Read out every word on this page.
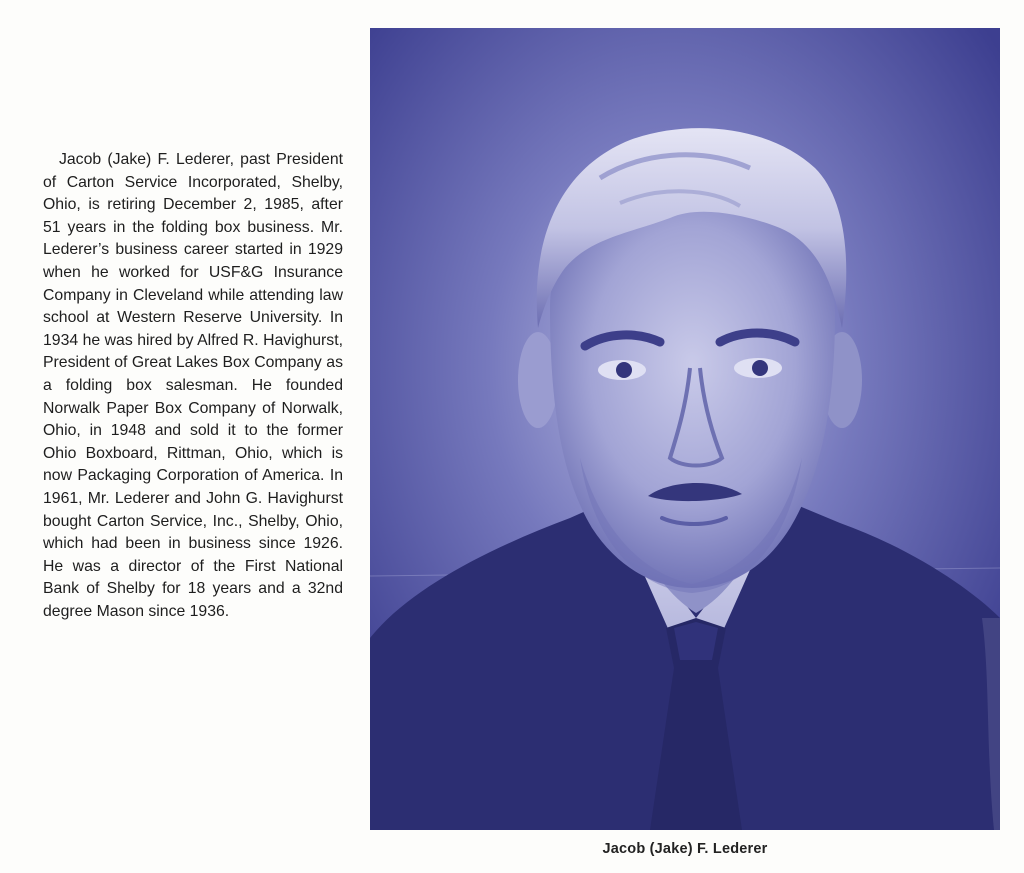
Jacob (Jake) F. Lederer, past President of Carton Service Incorporated, Shelby, Ohio, is retiring December 2, 1985, after 51 years in the folding box business. Mr. Lederer’s business career started in 1929 when he worked for USF&G Insurance Company in Cleveland while attending law school at Western Reserve University. In 1934 he was hired by Alfred R. Havighurst, President of Great Lakes Box Company as a folding box salesman. He founded Norwalk Paper Box Company of Norwalk, Ohio, in 1948 and sold it to the former Ohio Boxboard, Rittman, Ohio, which is now Packaging Corporation of America. In 1961, Mr. Lederer and John G. Havighurst bought Carton Service, Inc., Shelby, Ohio, which had been in business since 1926. He was a director of the First National Bank of Shelby for 18 years and a 32nd degree Mason since 1936.

Jacob (Jake) F. Lederer
